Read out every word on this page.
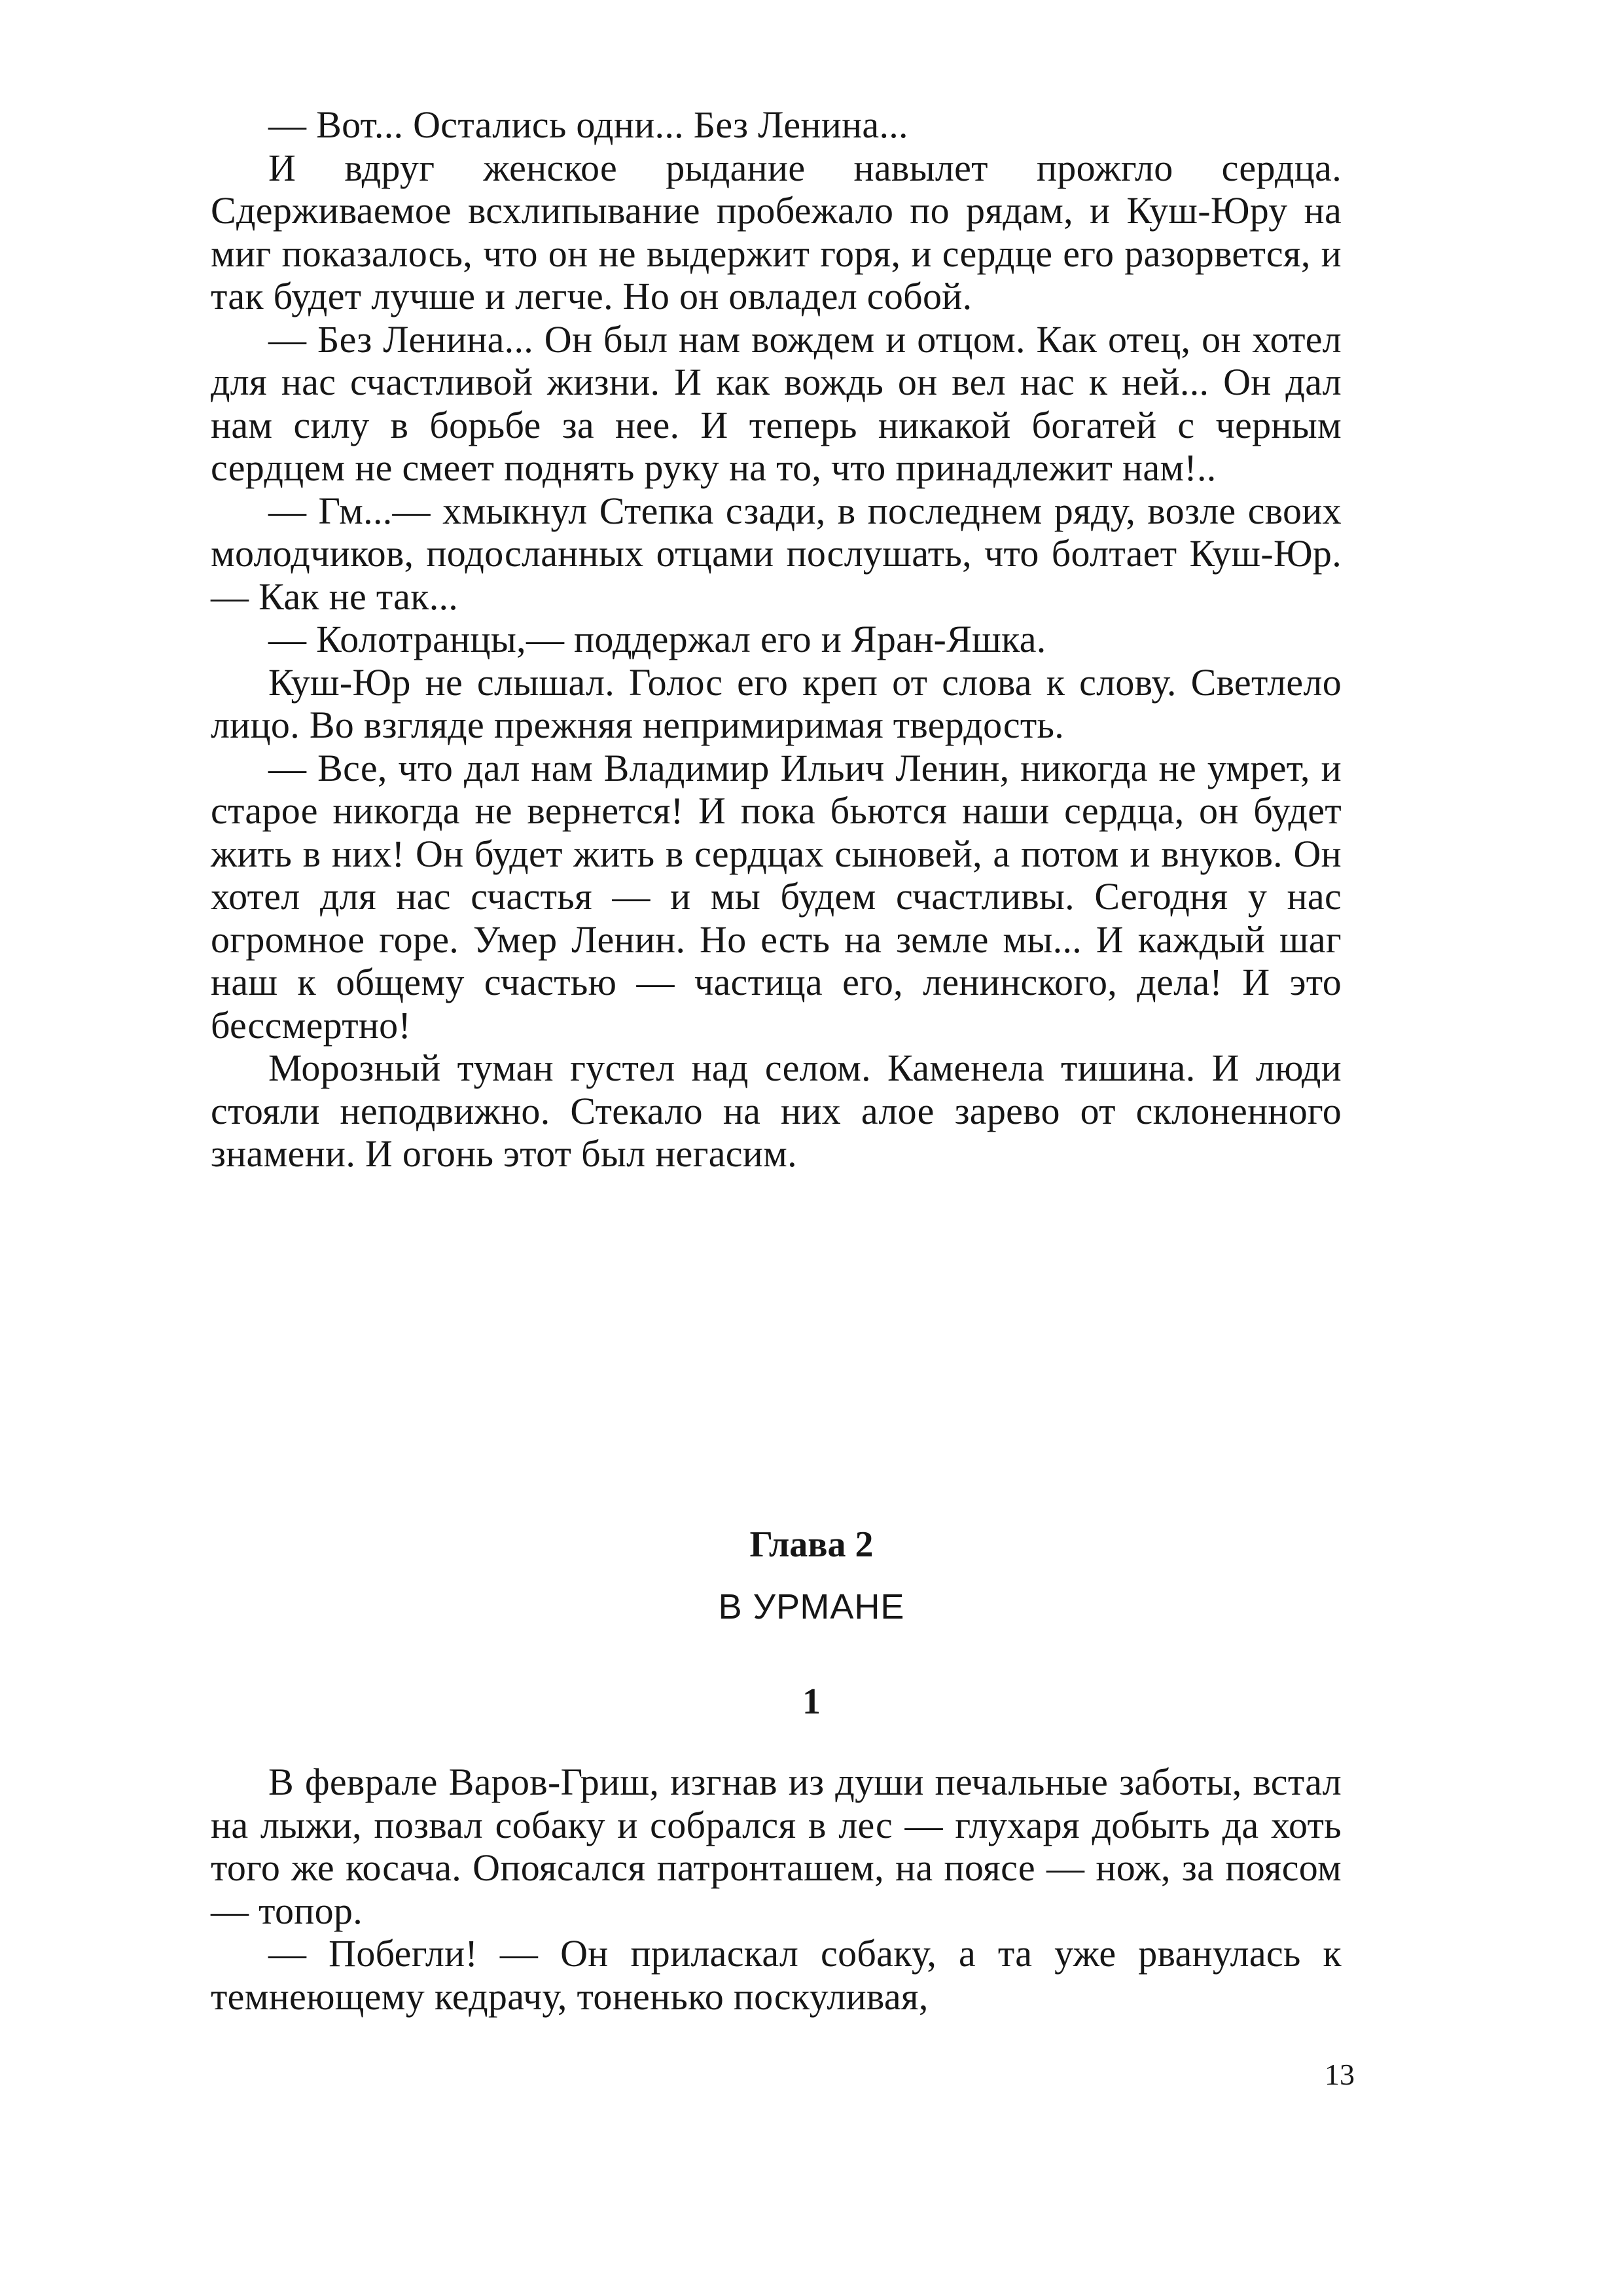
— Вот... Остались одни... Без Ленина...

И вдруг женское рыдание навылет прожгло сердца. Сдерживаемое всхлипывание пробежало по рядам, и Куш-Юру на миг показалось, что он не выдержит горя, и сердце его разорвется, и так будет лучше и легче. Но он овладел собой.

— Без Ленина... Он был нам вождем и отцом. Как отец, он хотел для нас счастливой жизни. И как вождь он вел нас к ней... Он дал нам силу в борьбе за нее. И теперь никакой богатей с черным сердцем не смеет поднять руку на то, что принадлежит нам!..

— Гм...— хмыкнул Степка сзади, в последнем ряду, возле своих молодчиков, подосланных отцами послушать, что болтает Куш-Юр.— Как не так...

— Колотранцы,— поддержал его и Яран-Яшка.

Куш-Юр не слышал. Голос его креп от слова к слову. Светлело лицо. Во взгляде прежняя непримиримая твердость.

— Все, что дал нам Владимир Ильич Ленин, никогда не умрет, и старое никогда не вернется! И пока бьются наши сердца, он будет жить в них! Он будет жить в сердцах сыновей, а потом и внуков. Он хотел для нас счастья — и мы будем счастливы. Сегодня у нас огромное горе. Умер Ленин. Но есть на земле мы... И каждый шаг наш к общему счастью — частица его, ленинского, дела! И это бессмертно!

Морозный туман густел над селом. Каменела тишина. И люди стояли неподвижно. Стекало на них алое зарево от склоненного знамени. И огонь этот был негасим.

Глава 2
В УРМАНЕ
1

В феврале Варов-Гриш, изгнав из души печальные заботы, встал на лыжи, позвал собаку и собрался в лес — глухаря добыть да хоть того же косача. Опоясался патронташем, на поясе — нож, за поясом — топор.

— Побегли! — Он приласкал собаку, а та уже рванулась к темнеющему кедрачу, тоненько поскуливая,

13
